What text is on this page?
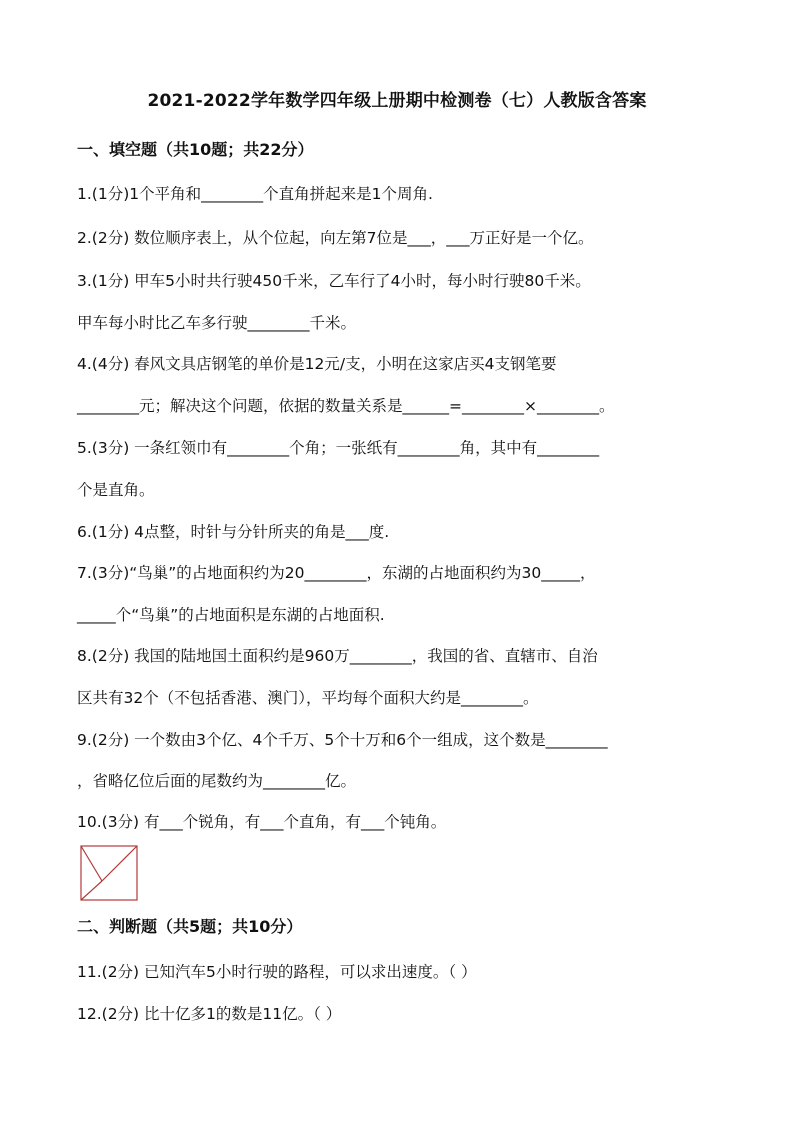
2021-2022学年数学四年级上册期中检测卷（七）人教版含答案
一、填空题（共10题；共22分）
1.(1分)1个平角和________个直角拼起来是1个周角.
2.(2分) 数位顺序表上，从个位起，向左第7位是___，___万正好是一个亿。
3.(1分) 甲车5小时共行驶450千米，乙车行了4小时，每小时行驶80千米。
甲车每小时比乙车多行驶________千米。
4.(4分) 春风文具店钢笔的单价是12元/支，小明在这家店买4支钢笔要
________元；解决这个问题，依据的数量关系是______=________×________。
5.(3分) 一条红领巾有________个角；一张纸有________角，其中有________
个是直角。
6.(1分) 4点整，时针与分针所夹的角是___度.
7.(3分)“鸟巢”的占地面积约为20________，东湖的占地面积约为30_____，
_____个“鸟巢”的占地面积是东湖的占地面积.
8.(2分) 我国的陆地国土面积约是960万________，我国的省、直辖市、自治
区共有32个（不包括香港、澳门），平均每个面积大约是________。
9.(2分) 一个数由3个亿、4个千万、5个十万和6个一组成，这个数是________
，省略亿位后面的尾数约为________亿。
10.(3分) 有___个锐角，有___个直角，有___个钝角。
二、判断题（共5题；共10分）
11.(2分) 已知汽车5小时行驶的路程，可以求出速度。（ ）
12.(2分) 比十亿多1的数是11亿。（ ）
